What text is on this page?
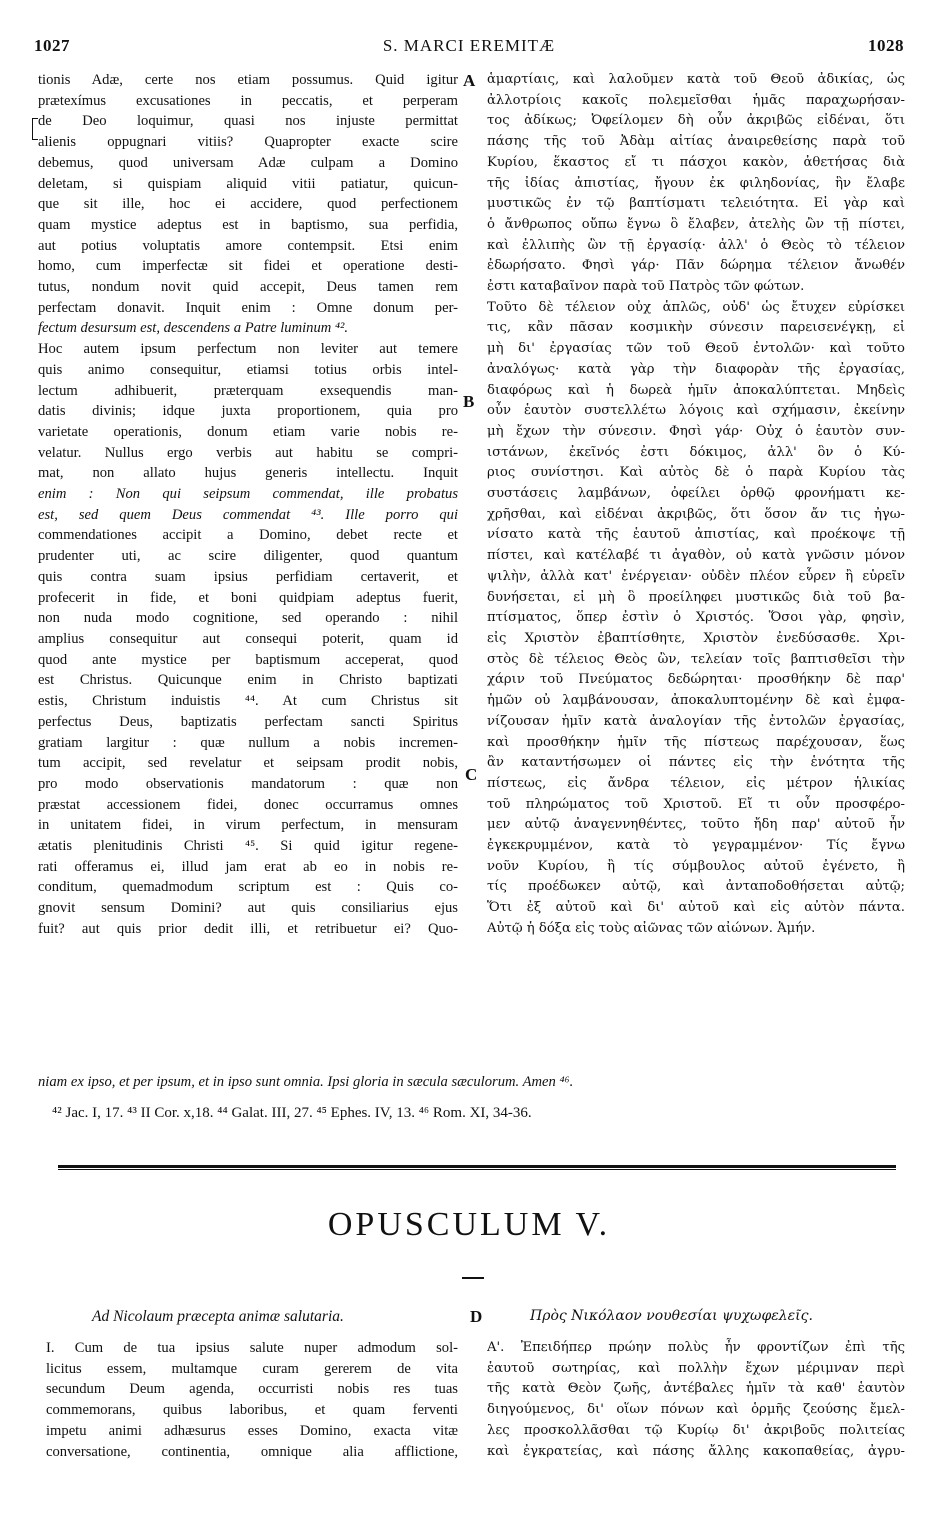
1027	S. MARCI EREMITÆ	1028
tionis Adæ, certe nos etiam possumus. Quid igitur
prætexímus excusationes in peccatis, et perperam
de Deo loquimur, quasi nos injuste permittat
alienis oppugnari vitiis? Quapropter exacte scire
debemus, quod universam Adæ culpam a Domino
deletam, si quispiam aliquid vitii patiatur, quicun-
que sit ille, hoc ei accidere, quod perfectionem
quam mystice adeptus est in baptismo, sua perfidia,
aut potius voluptatis amore contempsit. Etsi enim
homo, cum imperfectæ sit fidei et operatione desti-
tutus, nondum novit quid accepit, Deus tamen rem
perfectam donavit. Inquit enim : Omne donum per-
fectum desursum est, descendens a Patre luminum ⁴².
Hoc autem ipsum perfectum non leviter aut temere
quis animo consequitur, etiamsi totius orbis intel-
lectum adhibuerit, præterquam exsequendis man-
datis divinis; idque juxta proportionem, quia pro
varietate operationis, donum etiam varie nobis re-
velatur. Nullus ergo verbis aut habitu se compri-
mat, non allato hujus generis intellectu. Inquit
enim : Non qui seipsum commendat, ille probatus
est, sed quem Deus commendat ⁴³. Ille porro qui
commendationes accipit a Domino, debet recte et
prudenter uti, ac scire diligenter, quod quantum
quis contra suam ipsius perfidiam certaverit, et
profecerit in fide, et boni quidpiam adeptus fuerit,
non nuda modo cognitione, sed operando : nihil
amplius consequitur aut consequi poterit, quam id
quod ante mystice per baptismum acceperat, quod
est Christus. Quicunque enim in Christo baptizati
estis, Christum induistis ⁴⁴. At cum Christus sit
perfectus Deus, baptizatis perfectam sancti Spiritus
gratiam largitur : quæ nullum a nobis incremen-
tum accipit, sed revelatur et seipsam prodit nobis,
pro modo observationis mandatorum : quæ non
præstat accessionem fidei, donec occurramus omnes
in unitatem fidei, in virum perfectum, in mensuram
ætatis plenitudinis Christi ⁴⁵. Si quid igitur regene-
rati offeramus ei, illud jam erat ab eo in nobis re-
conditum, quemadmodum scriptum est : Quis co-
gnovit sensum Domini? aut quis consiliarius ejus
fuit? aut quis prior dedit illi, et retribuetur ei? Quo-
ἁμαρτίαις, καὶ λαλοῦμεν κατὰ τοῦ Θεοῦ ἀδικίας, ὡς
ἀλλοτρίοις κακοῖς πολεμεῖσθαι ἡμᾶς παραχωρήσαν-
τος ἀδίκως; Ὀφείλομεν δὴ οὖν ἀκριβῶς εἰδέναι, ὅτι
πάσης τῆς τοῦ Ἀδὰμ αἰτίας ἀναιρεθείσης παρὰ τοῦ
Κυρίου, ἕκαστος εἴ τι πάσχοι κακὸν, ἀθετήσας διὰ
τῆς ἰδίας ἀπιστίας, ἤγουν ἐκ φιληδονίας, ἣν ἔλαβε
μυστικῶς ἐν τῷ βαπτίσματι τελειότητα. Εἰ γὰρ καὶ
ὁ ἄνθρωπος οὔπω ἔγνω ὃ ἔλαβεν, ἀτελὴς ὢν τῇ πίστει,
καὶ ἐλλιπὴς ὢν τῇ ἐργασίᾳ· ἀλλ' ὁ Θεὸς τὸ τέλειον
ἐδωρήσατο. Φησὶ γάρ· Πᾶν δώρημα τέλειον ἄνωθέν
ἐστι καταβαῖνον παρὰ τοῦ Πατρὸς τῶν φώτων.
Τοῦτο δὲ τέλειον οὐχ ἁπλῶς, οὐδ' ὡς ἔτυχεν εὑρίσκει
τις, κἂν πᾶσαν κοσμικὴν σύνεσιν παρεισενέγκῃ, εἰ
μὴ δι' ἐργασίας τῶν τοῦ Θεοῦ ἐντολῶν· καὶ τοῦτο
ἀναλόγως· κατὰ γὰρ τὴν διαφορὰν τῆς ἐργασίας,
διαφόρως καὶ ἡ δωρεὰ ἡμῖν ἀποκαλύπτεται. Μηδεὶς
οὖν ἑαυτὸν συστελλέτω λόγοις καὶ σχήμασιν, ἐκείνην
μὴ ἔχων τὴν σύνεσιν. Φησὶ γάρ· Οὐχ ὁ ἑαυτὸν συν-
ιστάνων, ἐκεῖνός ἐστι δόκιμος, ἀλλ' ὃν ὁ Κύ-
ριος συνίστησι. Καὶ αὐτὸς δὲ ὁ παρὰ Κυρίου τὰς
συστάσεις λαμβάνων, ὀφείλει ὀρθῷ φρονήματι κε-
χρῆσθαι, καὶ εἰδέναι ἀκριβῶς, ὅτι ὅσον ἄν τις ἠγω-
νίσατο κατὰ τῆς ἑαυτοῦ ἀπιστίας, καὶ προέκοψε τῇ
πίστει, καὶ κατέλαβέ τι ἀγαθὸν, οὐ κατὰ γνῶσιν μόνον
ψιλὴν, ἀλλὰ κατ' ἐνέργειαν· οὐδὲν πλέον εὗρεν ἢ εὑρεῖν
δυνήσεται, εἰ μὴ ὃ προείληφει μυστικῶς διὰ τοῦ βα-
πτίσματος, ὅπερ ἐστὶν ὁ Χριστός. Ὅσοι γὰρ, φησὶν,
εἰς Χριστὸν ἐβαπτίσθητε, Χριστὸν ἐνεδύσασθε. Χρι-
στὸς δὲ τέλειος Θεὸς ὢν, τελείαν τοῖς βαπτισθεῖσι τὴν
χάριν τοῦ Πνεύματος δεδώρηται· προσθήκην δὲ παρ'
ἡμῶν οὐ λαμβάνουσαν, ἀποκαλυπτομένην δὲ καὶ ἐμφα-
νίζουσαν ἡμῖν κατὰ ἀναλογίαν τῆς ἐντολῶν ἐργασίας,
καὶ προσθήκην ἡμῖν τῆς πίστεως παρέχουσαν, ἕως
ἂν καταντήσωμεν οἱ πάντες εἰς τὴν ἑνότητα τῆς
πίστεως, εἰς ἄνδρα τέλειον, εἰς μέτρον ἡλικίας
τοῦ πληρώματος τοῦ Χριστοῦ. Εἴ τι οὖν προσφέρο-
μεν αὐτῷ ἀναγεννηθέντες, τοῦτο ἤδη παρ' αὐτοῦ ἦν
ἐγκεκρυμμένον, κατὰ τὸ γεγραμμένον· Τίς ἔγνω
νοῦν Κυρίου, ἢ τίς σύμβουλος αὐτοῦ ἐγένετο, ἢ
τίς προέδωκεν αὐτῷ, καὶ ἀνταποδοθήσεται αὐτῷ;
Ὅτι ἐξ αὐτοῦ καὶ δι' αὐτοῦ καὶ εἰς αὐτὸν πάντα.
Αὐτῷ ἡ δόξα εἰς τοὺς αἰῶνας τῶν αἰώνων. Ἀμήν.
niam ex ipso, et per ipsum, et in ipso sunt omnia. Ipsi gloria in sæcula sæculorum. Amen ⁴⁶.
A
B
C
D
⁴² Jac. I, 17. ⁴³ II Cor. x,18. ⁴⁴ Galat. III, 27. ⁴⁵ Ephes. IV, 13. ⁴⁶ Rom. XI, 34-36.
OPUSCULUM V.
Ad Nicolaum præcepta animæ salutaria.	Πρὸς Νικόλαον νουθεσίαι ψυχωφελεῖς.
I. Cum de tua ipsius salute nuper admodum sol-
licitus essem, multamque curam gererem de vita
secundum Deum agenda, occurristi nobis res tuas
commemorans, quibus laboribus, et quam ferventi
impetu animi adhæsurus esses Domino, exacta vitæ
conversatione, continentia, omnique alia afflictione,
Α'. Ἐπειδήπερ πρώην πολὺς ἦν φροντίζων ἐπὶ τῆς
ἑαυτοῦ σωτηρίας, καὶ πολλὴν ἔχων μέριμναν περὶ
τῆς κατὰ Θεὸν ζωῆς, ἀντέβαλες ἡμῖν τὰ καθ' ἑαυτὸν
διηγούμενος, δι' οἵων πόνων καὶ ὁρμῆς ζεούσης ἔμελ-
λες προσκολλᾶσθαι τῷ Κυρίῳ δι' ἀκριβοῦς πολιτείας
καὶ ἐγκρατείας, καὶ πάσης ἄλλης κακοπαθείας, ἀγρυ-
